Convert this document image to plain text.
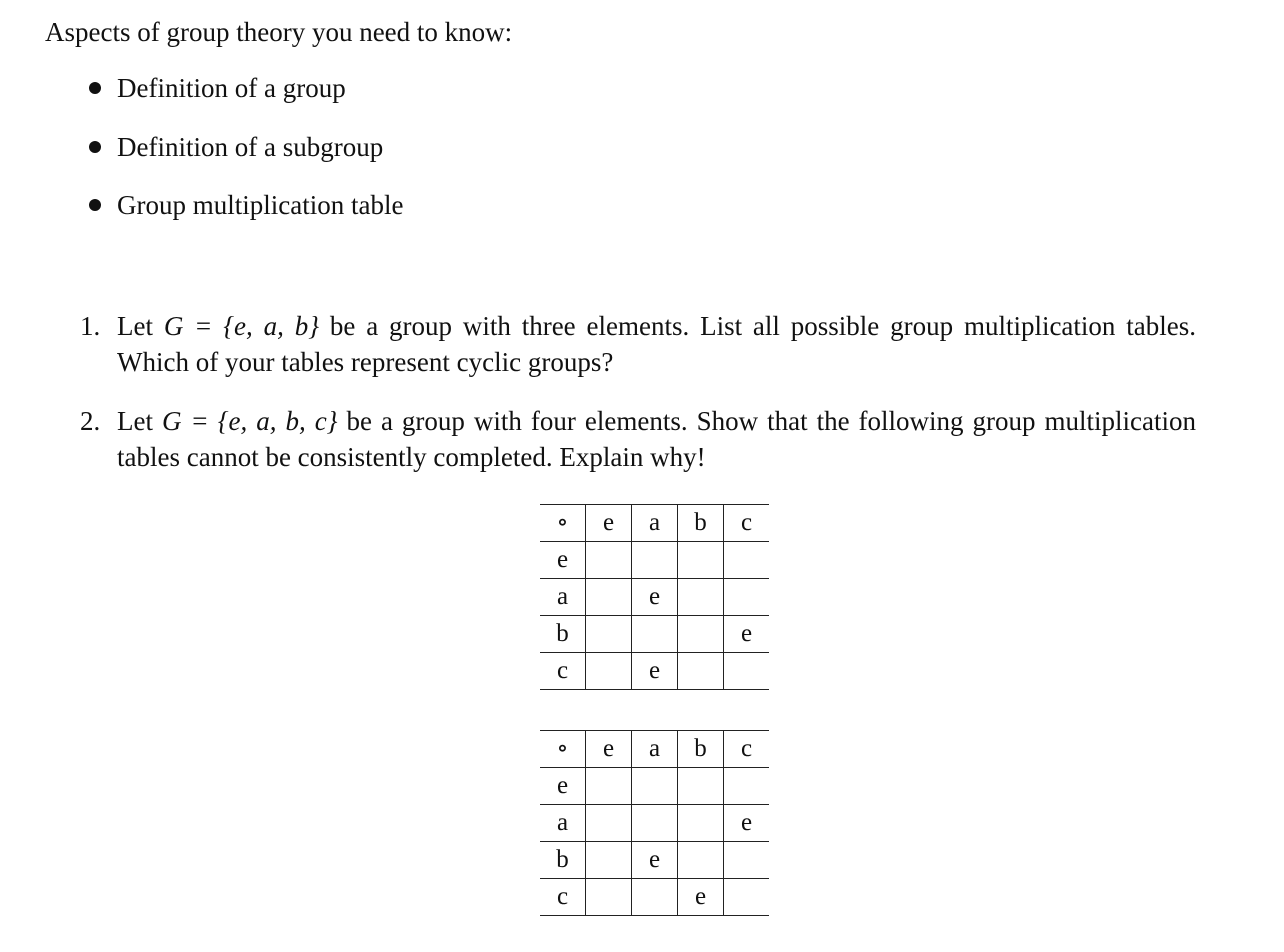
Aspects of group theory you need to know:

Definition of a group
Definition of a subgroup
Group multiplication table
1. Let G = {e, a, b} be a group with three elements. List all possible group multiplication tables. Which of your tables represent cyclic groups?
2. Let G = {e, a, b, c} be a group with four elements. Show that the following group multiplication tables cannot be consistently completed. Explain why!
∘	e	a	b	c
e				
a		e		
b				e
c		e		
∘	e	a	b	c
e				
a				e
b		e		
c			e	
